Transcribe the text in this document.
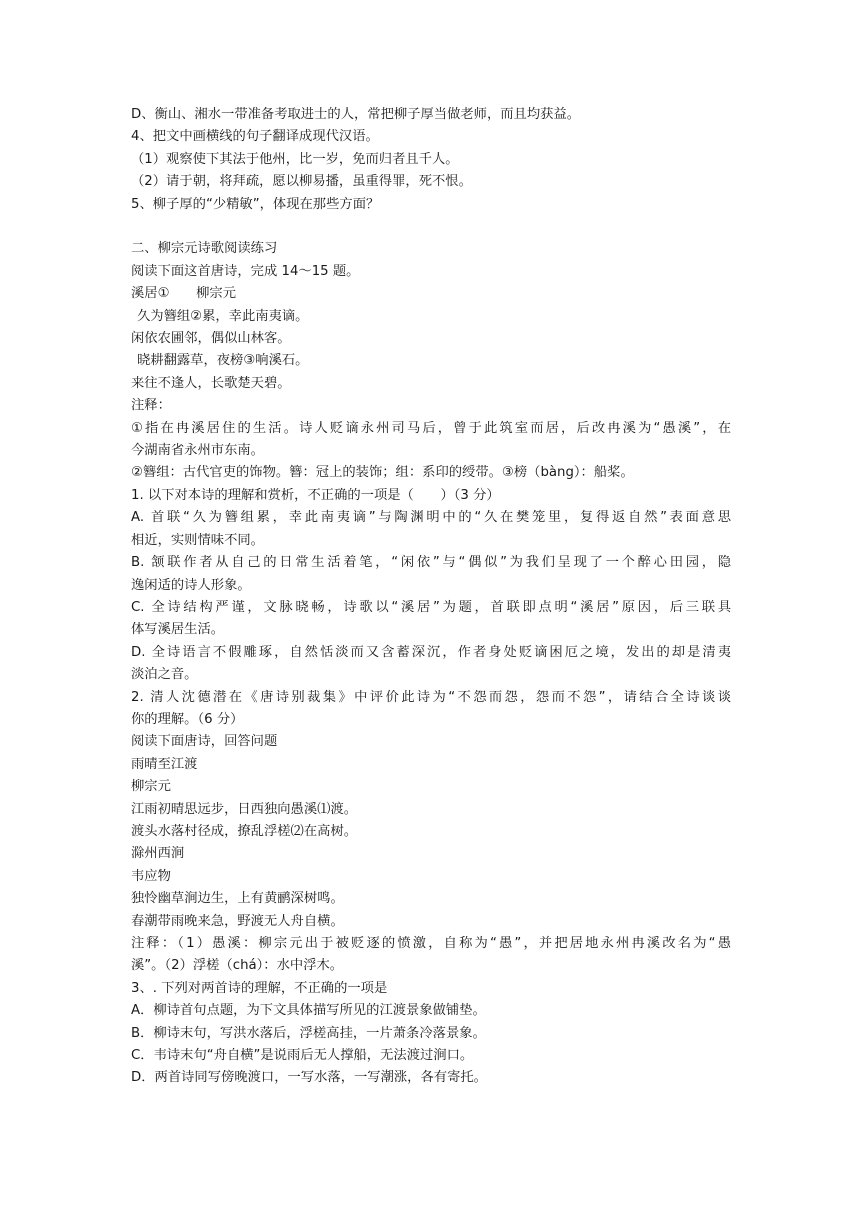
D、衡山、湘水一带准备考取进士的人，常把柳子厚当做老师，而且均获益。
4、把文中画横线的句子翻译成现代汉语。
（1）观察使下其法于他州，比一岁，免而归者且千人。
（2）请于朝，将拜疏，愿以柳易播，虽重得罪，死不恨。
5、柳子厚的“少精敏”，体现在那些方面？
二、柳宗元诗歌阅读练习
阅读下面这首唐诗，完成 14～15 题。
溪居①　　柳宗元
久为簪组②累，幸此南夷谪。
闲依农圃邻，偶似山林客。
晓耕翻露草，夜榜③响溪石。
来往不逢人，长歌楚天碧。
注释：
①指在冉溪居住的生活。诗人贬谪永州司马后，曾于此筑室而居，后改冉溪为“愚溪”，在
今湖南省永州市东南。
②簪组：古代官吏的饰物。簪：冠上的装饰；组：系印的绶带。③榜（bàng）：船桨。
1. 以下对本诗的理解和赏析，不正确的一项是（　　）（3 分）
A. 首联“久为簪组累，幸此南夷谪”与陶渊明中的“久在樊笼里，复得返自然”表面意思
相近，实则情味不同。
B. 颔联作者从自己的日常生活着笔，“闲依”与“偶似”为我们呈现了一个醉心田园，隐
逸闲适的诗人形象。
C. 全诗结构严谨，文脉晓畅，诗歌以“溪居”为题，首联即点明“溪居”原因，后三联具
体写溪居生活。
D. 全诗语言不假雕琢，自然恬淡而又含蓄深沉，作者身处贬谪困厄之境，发出的却是清夷
淡泊之音。
2. 清人沈德潜在《唐诗别裁集》中评价此诗为“不怨而怨，怨而不怨”，请结合全诗谈谈
你的理解。（6 分）
阅读下面唐诗，回答问题
雨晴至江渡
柳宗元
江雨初晴思远步，日西独向愚溪⑴渡。
渡头水落村径成，撩乱浮槎⑵在高树。
滁州西涧
韦应物
独怜幽草涧边生，上有黄鹂深树鸣。
春潮带雨晚来急，野渡无人舟自横。
注释：（1）愚溪：柳宗元出于被贬逐的愤激，自称为“愚”，并把居地永州冉溪改名为“愚
溪”。（2）浮槎（chá）：水中浮木。
3、. 下列对两首诗的理解，不正确的一项是
A．柳诗首句点题，为下文具体描写所见的江渡景象做铺垫。
B．柳诗末句，写洪水落后，浮槎高挂，一片萧条冷落景象。
C．韦诗末句“舟自横”是说雨后无人撑船，无法渡过涧口。
D．两首诗同写傍晚渡口，一写水落，一写潮涨，各有寄托。
